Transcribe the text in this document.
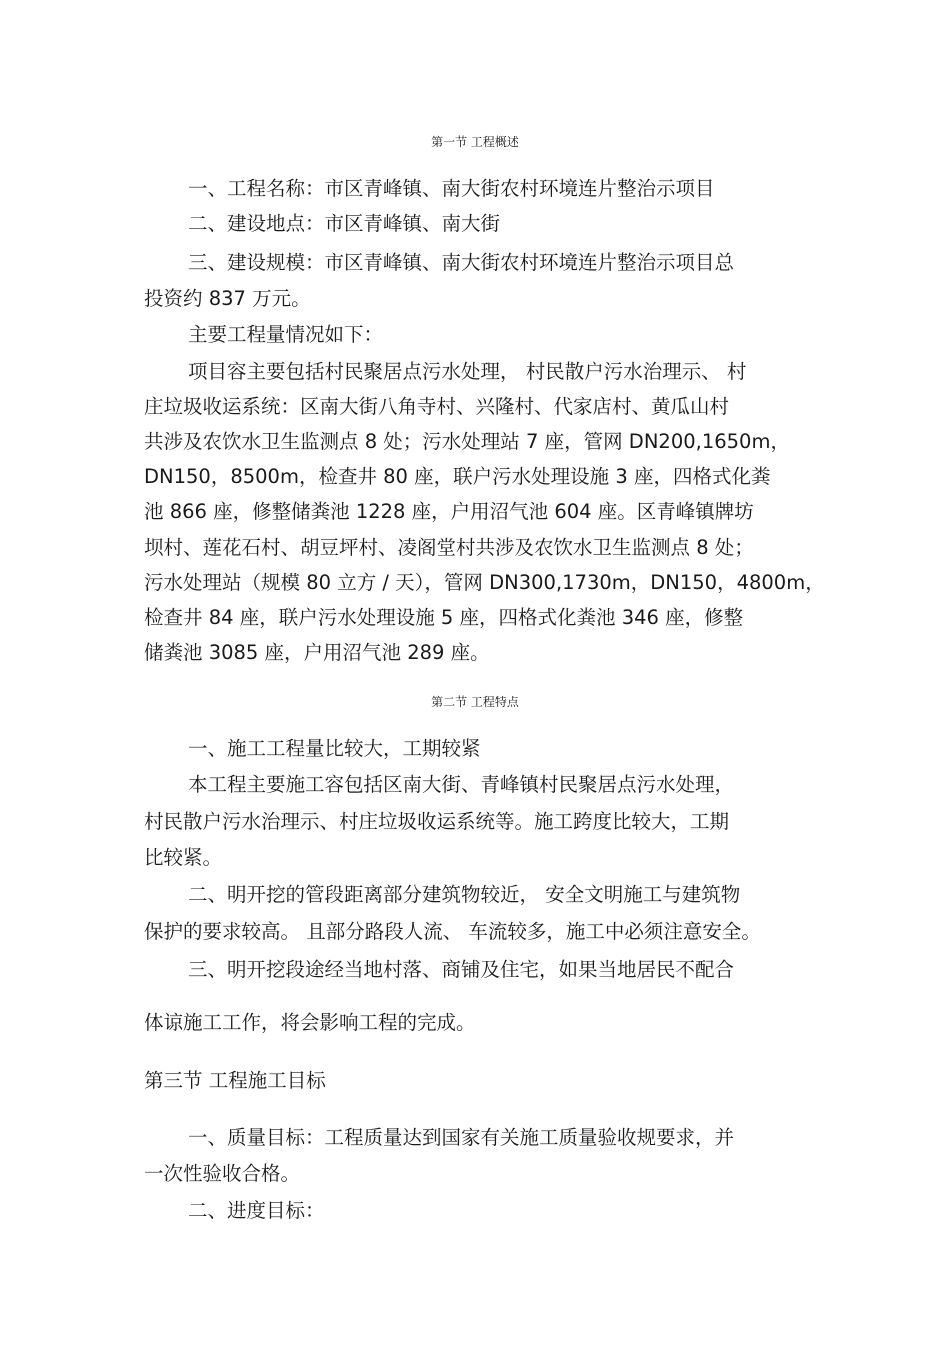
第一节 工程概述
一、工程名称：市区青峰镇、南大街农村环境连片整治示项目
二、建设地点：市区青峰镇、南大街
三、建设规模：市区青峰镇、南大街农村环境连片整治示项目总
投资约 837 万元。
主要工程量情况如下：
项目容主要包括村民聚居点污水处理， 村民散户污水治理示、 村
庄垃圾收运系统：区南大街八角寺村、兴隆村、代家店村、黄瓜山村
共涉及农饮水卫生监测点 8 处；污水处理站 7 座，管网 DN200,1650m，
DN150，8500m，检查井 80 座，联户污水处理设施 3 座，四格式化粪
池 866 座，修整储粪池 1228 座，户用沼气池 604 座。区青峰镇牌坊
坝村、莲花石村、胡豆坪村、凌阁堂村共涉及农饮水卫生监测点 8 处；
污水处理站（规模 80 立方 / 天），管网 DN300,1730m，DN150，4800m，
检查井 84 座，联户污水处理设施 5 座，四格式化粪池 346 座，修整
储粪池 3085 座，户用沼气池 289 座。
第二节 工程特点
一、施工工程量比较大，工期较紧
本工程主要施工容包括区南大街、青峰镇村民聚居点污水处理，
村民散户污水治理示、村庄垃圾收运系统等。施工跨度比较大，工期
比较紧。
二、明开挖的管段距离部分建筑物较近， 安全文明施工与建筑物
保护的要求较高。 且部分路段人流、 车流较多，施工中必须注意安全。
三、明开挖段途经当地村落、商铺及住宅，如果当地居民不配合
体谅施工工作，将会影响工程的完成。
第三节 工程施工目标
一、质量目标：工程质量达到国家有关施工质量验收规要求，并
一次性验收合格。
二、进度目标：
